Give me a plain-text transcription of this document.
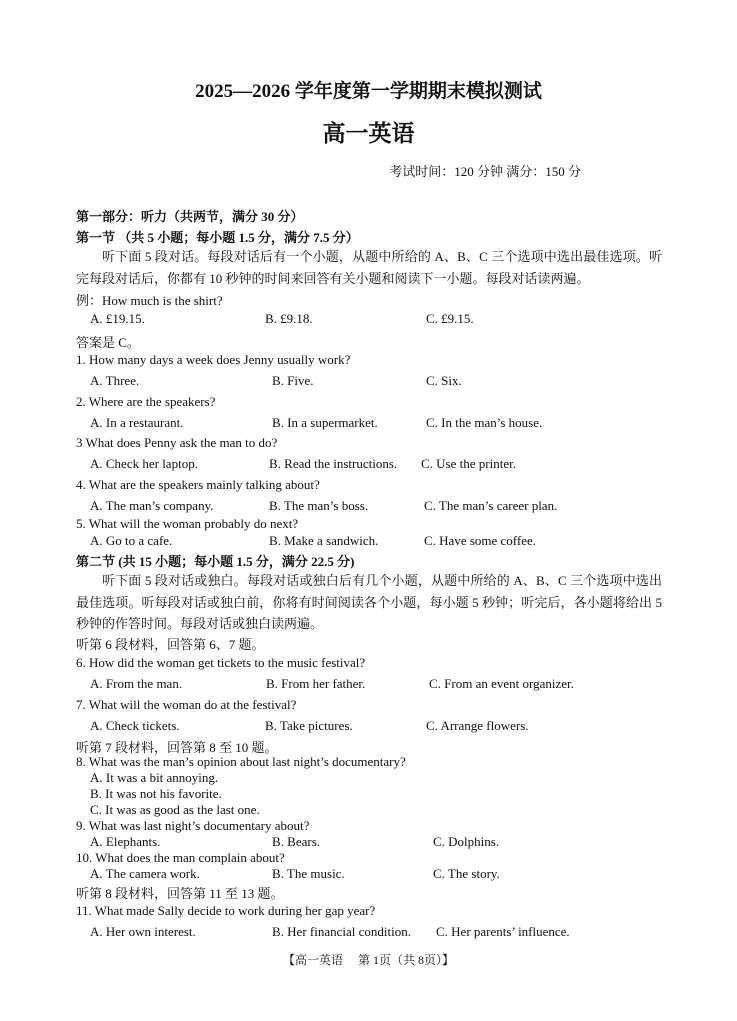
2025—2026 学年度第一学期期末模拟测试
高一英语
考试时间：120 分钟 满分：150 分
第一部分：听力（共两节，满分 30 分）
第一节 （共 5 小题；每小题 1.5 分，满分 7.5 分）
听下面 5 段对话。每段对话后有一个小题，从题中所给的 A、B、C 三个选项中选出最佳选项。听完每段对话后，你都有 10 秒钟的时间来回答有关小题和阅读下一小题。每段对话读两遍。
例：How much is the shirt?
A. £19.15.	B. £9.18.	C. £9.15.
答案是 C。
1. How many days a week does Jenny usually work?
A. Three.	B. Five.	C. Six.
2. Where are the speakers?
A. In a restaurant.	B. In a supermarket.	C. In the man’s house.
3 What does Penny ask the man to do?
A. Check her laptop.	B. Read the instructions. C. Use the printer.
4. What are the speakers mainly talking about?
A. The man’s company.	B. The man’s boss.	C. The man’s career plan.
5. What will the woman probably do next?
A. Go to a cafe.	B. Make a sandwich.	C. Have some coffee.
第二节 (共 15 小题；每小题 1.5 分，满分 22.5 分)
听下面 5 段对话或独白。每段对话或独白后有几个小题，从题中所给的 A、B、C 三个选项中选出最佳选项。听每段对话或独白前，你将有时间阅读各个小题，每小题 5 秒钟；听完后，各小题将给出 5 秒钟的作答时间。每段对话或独白读两遍。
听第 6 段材料，回答第 6、7 题。
6. How did the woman get tickets to the music festival?
A. From the man.	B. From her father.	C. From an event organizer.
7. What will the woman do at the festival?
A. Check tickets.	B. Take pictures.	C. Arrange flowers.
听第 7 段材料，回答第 8 至 10 题。
8. What was the man’s opinion about last night’s documentary?
A. It was a bit annoying.
B. It was not his favorite.
C. It was as good as the last one.
9. What was last night’s documentary about?
A. Elephants.	B. Bears.	C. Dolphins.
10. What does the man complain about?
A. The camera work.	B. The music.	C. The story.
听第 8 段材料，回答第 11 至 13 题。
11. What made Sally decide to work during her gap year?
A. Her own interest.	B. Her financial condition. C. Her parents’ influence.
【高一英语　 第 1页（共 8页）】
